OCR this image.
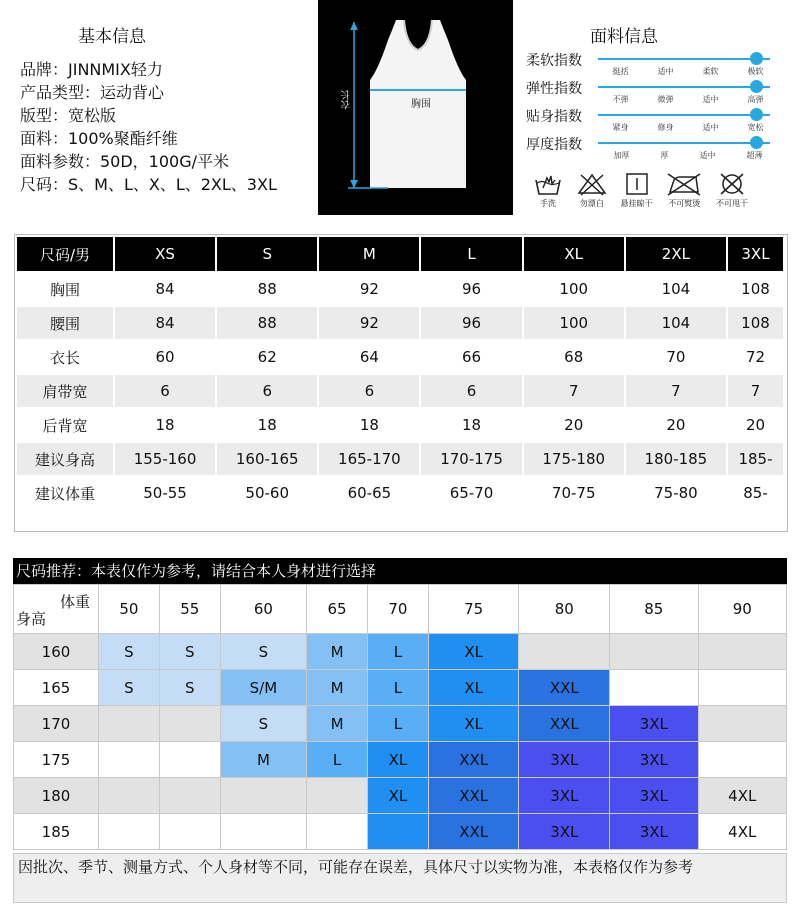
基本信息
品牌：JINNMIX轻力
产品类型：运动背心
版型：宽松版
面料：100%聚酯纤维
面料参数：50D，100G/平米
尺码：S、M、L、X、L、2XL、3XL
胸围
衣长
面料信息
柔软指数
挺括	适中	柔软	极软
弹性指数
不弹	微弹	适中	高弹
贴身指数
紧身	修身	适中	宽松
厚度指数
加厚	厚	适中	超薄
手洗	勿漂白 悬挂晾干 不可熨烫 不可甩干
尺码/男	XS	S	M	L	XL	2XL	3XL
胸围	84	88	92	96	100	104	108
腰围	84	88	92	96	100	104	108
衣长	60	62	64	66	68	70	72
肩带宽	6	6	6	6	7	7	7
后背宽	18	18	18	18	20	20	20
建议身高	155-160	160-165	165-170	170-175	175-180	180-185	185-
建议体重	50-55	50-60	60-65	65-70	70-75	75-80	85-
尺码推荐：本表仅作为参考，请结合本人身材进行选择
体重
身高	50	55	60	65	70	75	80	85	90
160	S	S	S	M	L	XL			
165	S	S	S/M	M	L	XL	XXL		
170			S	M	L	XL	XXL	3XL	
175			M	L	XL	XXL	3XL	3XL	
180					XL	XXL	3XL	3XL	4XL
185						XXL	3XL	3XL	4XL
因批次、季节、测量方式、个人身材等不同，可能存在误差，具体尺寸以实物为准，本表格仅作为参考
